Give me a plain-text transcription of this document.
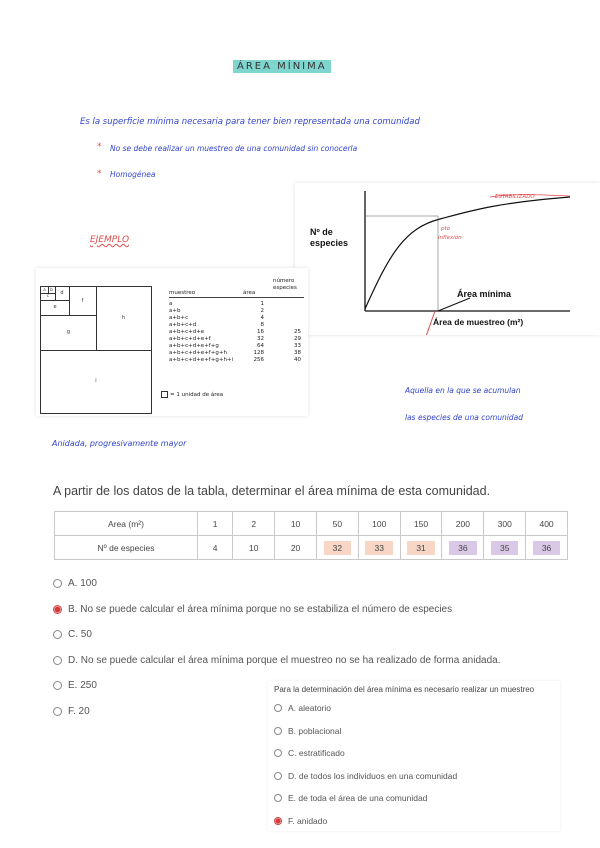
ÁREA MÍNIMA
Es la superficie mínima necesaria para tener bien representada una comunidad
* No se debe realizar un muestreo de una comunidad sin conocerla
* Homogénea
EJEMPLO
Anidada, progresivamente mayor
Aquella en la que se acumulan
las especies de una comunidad
Nº de
especies
Área mínima
Área de muestreo (m²)
ESTABILIZADO
pto
inflexión
a	b
c	d
e
f
g
h
i
muestreo	área
número
especies
a	1
a+b	2
a+b+c	4
a+b+c+d	8
a+b+c+d+e	16	25
a+b+c+d+e+f	32	29
a+b+c+d+e+f+g	64	33
a+b+c+d+e+f+g+h	128	38
a+b+c+d+e+f+g+h+i	256	40
= 1 unidad de área
A partir de los datos de la tabla, determinar el área mínima de esta comunidad.
Area (m²)	1	2	10	50	100	150	200	300	400
Nº de especies	4	10	20	32	33	31	36	35	36
A. 100
B. No se puede calcular el área mínima porque no se estabiliza el número de especies
C. 50
D. No se puede calcular el área mínima porque el muestreo no se ha realizado de forma anidada.
E. 250
F. 20
Para la determinación del área mínima es necesario realizar un muestreo
A. aleatorio
B. poblacional
C. estratificado
D. de todos los individuos en una comunidad
E. de toda el área de una comunidad
F. anidado
